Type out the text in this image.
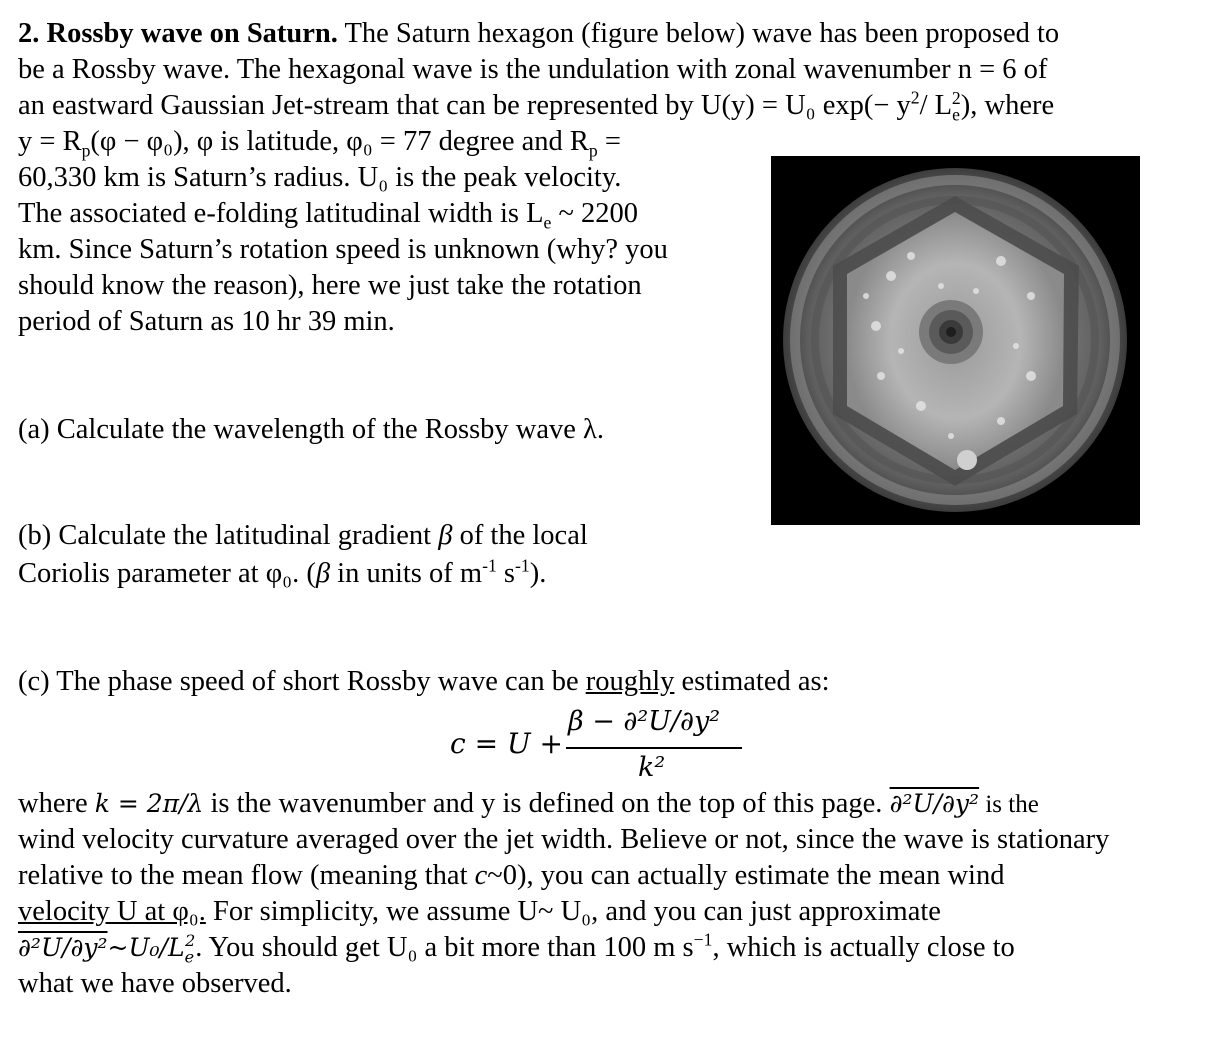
2. Rossby wave on Saturn. The Saturn hexagon (figure below) wave has been proposed to
be a Rossby wave. The hexagonal wave is the undulation with zonal wavenumber n = 6 of
an eastward Gaussian Jet-stream that can be represented by U(y) = U₀ $\exp(- y^2/$ $L_e^2$), where
$y = R_p(\varphi - \varphi_0)$, φ is latitude, φ₀ = 77 degree and $R_p$ =
60,330 km is Saturn’s radius. U₀ is the peak velocity.
The associated e-folding latitudinal width is $L_e$ ~ 2200
km. Since Saturn’s rotation speed is unknown (why? you
should know the reason), here we just take the rotation
period of Saturn as 10 hr 39 min.
(a) Calculate the wavelength of the Rossby wave λ.
(b) Calculate the latitudinal gradient β of the local
Coriolis parameter at φ₀. (β in units of $m^{-1}$ $s^{-1}$).
(c) The phase speed of short Rossby wave can be roughly estimated as:
c = U +
β − ∂²U/∂y²
k²
where k = 2π/λ is the wavenumber and y is defined on the top of this page. ∂²U/∂y² is the
wind velocity curvature averaged over the jet width. Believe or not, since the wave is stationary
relative to the mean flow (meaning that c~0), you can actually estimate the mean wind
velocity U at φ₀. For simplicity, we assume U~ U₀, and you can just approximate
$\partial^2U/\partial y^2\sim U_0/L_e^2$. You should get U₀ a bit more than 100 m $s^{-1}$, which is actually close to
what we have observed.
